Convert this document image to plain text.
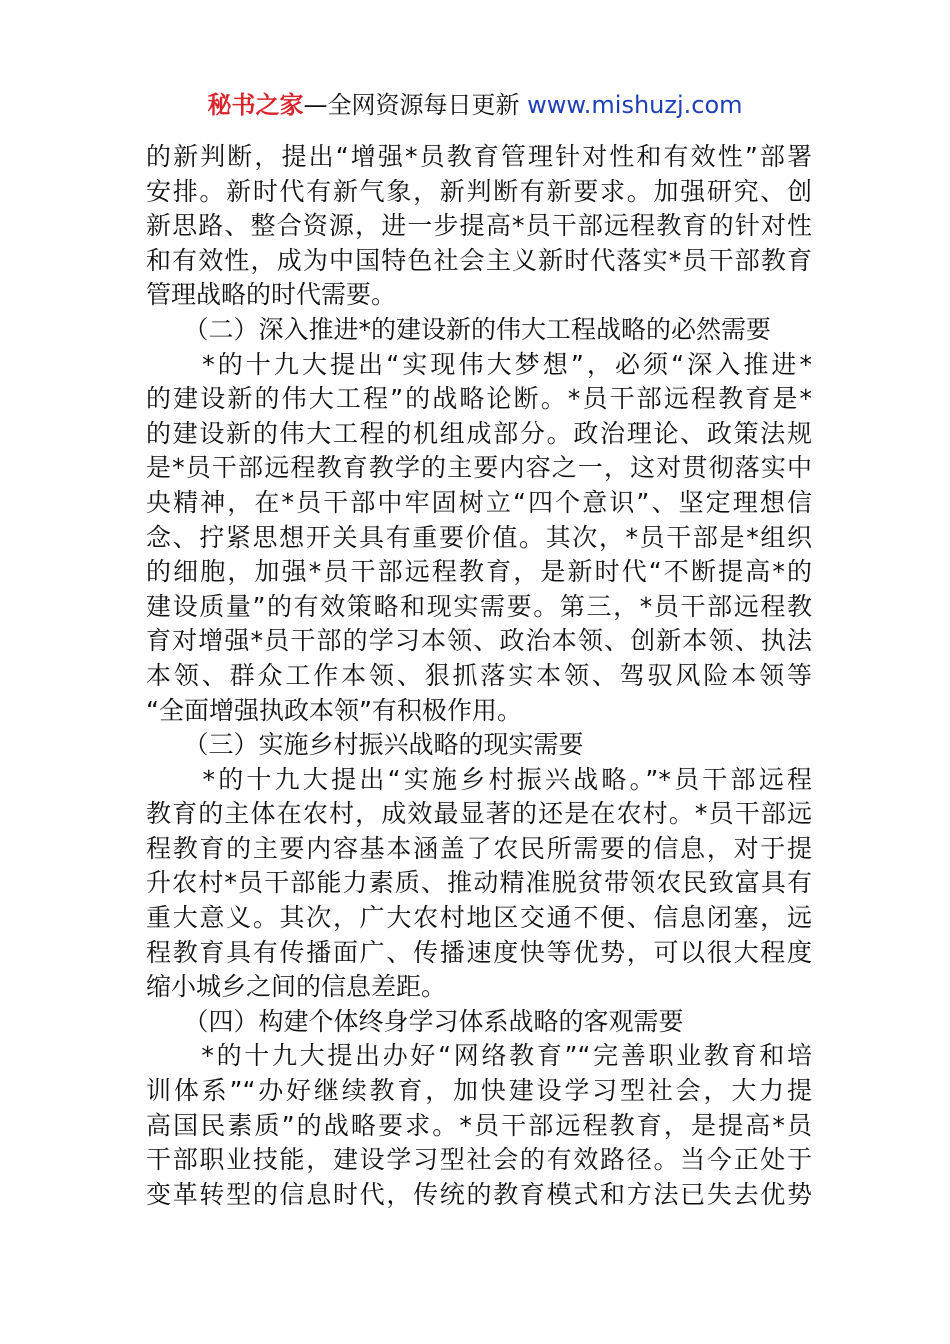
秘书之家—全网资源每日更新 www.mishuzj.com
的新判断，提出“增强*员教育管理针对性和有效性”部署
安排。新时代有新气象，新判断有新要求。加强研究、创
新思路、整合资源，进一步提高*员干部远程教育的针对性
和有效性，成为中国特色社会主义新时代落实*员干部教育
管理战略的时代需要。
　　（二）深入推进*的建设新的伟大工程战略的必然需要
　　*的十九大提出“实现伟大梦想”，必须“深入推进*
的建设新的伟大工程”的战略论断。*员干部远程教育是*
的建设新的伟大工程的机组成部分。政治理论、政策法规
是*员干部远程教育教学的主要内容之一，这对贯彻落实中
央精神，在*员干部中牢固树立“四个意识”、坚定理想信
念、拧紧思想开关具有重要价值。其次，*员干部是*组织
的细胞，加强*员干部远程教育，是新时代“不断提高*的
建设质量”的有效策略和现实需要。第三，*员干部远程教
育对增强*员干部的学习本领、政治本领、创新本领、执法
本领、群众工作本领、狠抓落实本领、驾驭风险本领等
“全面增强执政本领”有积极作用。
　　（三）实施乡村振兴战略的现实需要
　　*的十九大提出“实施乡村振兴战略。”*员干部远程
教育的主体在农村，成效最显著的还是在农村。*员干部远
程教育的主要内容基本涵盖了农民所需要的信息，对于提
升农村*员干部能力素质、推动精准脱贫带领农民致富具有
重大意义。其次，广大农村地区交通不便、信息闭塞，远
程教育具有传播面广、传播速度快等优势，可以很大程度
缩小城乡之间的信息差距。
　　（四）构建个体终身学习体系战略的客观需要
　　*的十九大提出办好“网络教育”“完善职业教育和培
训体系”“办好继续教育，加快建设学习型社会，大力提
高国民素质”的战略要求。*员干部远程教育，是提高*员
干部职业技能，建设学习型社会的有效路径。当今正处于
变革转型的信息时代，传统的教育模式和方法已失去优势
